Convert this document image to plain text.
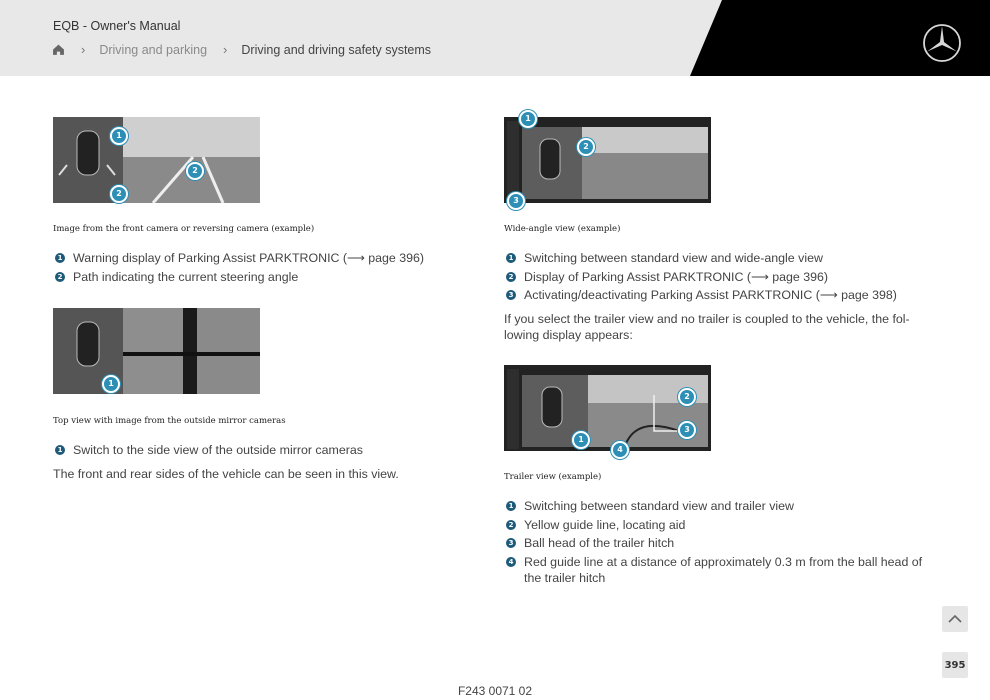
EQB - Owner's Manual
› Driving and parking › Driving and driving safety systems
1
2
2
Image from the front camera or reversing camera (example)
1 Warning display of Parking Assist PARKTRONIC (⟶ page 396)
2 Path indicating the current steering angle
1
Top view with image from the outside mirror cameras
1 Switch to the side view of the outside mirror cameras
The front and rear sides of the vehicle can be seen in this view.
1
2
3
Wide-angle view (example)
1 Switching between standard view and wide-angle view
2 Display of Parking Assist PARKTRONIC (⟶ page 396)
3 Activating/deactivating Parking Assist PARKTRONIC (⟶ page 398)
If you select the trailer view and no trailer is coupled to the vehicle, the fol-
lowing display appears:
2
3
1
4
Trailer view (example)
1 Switching between standard view and trailer view
2 Yellow guide line, locating aid
3 Ball head of the trailer hitch
4 Red guide line at a distance of approximately 0.3 m from the ball head of the trailer hitch
395
F243 0071 02
